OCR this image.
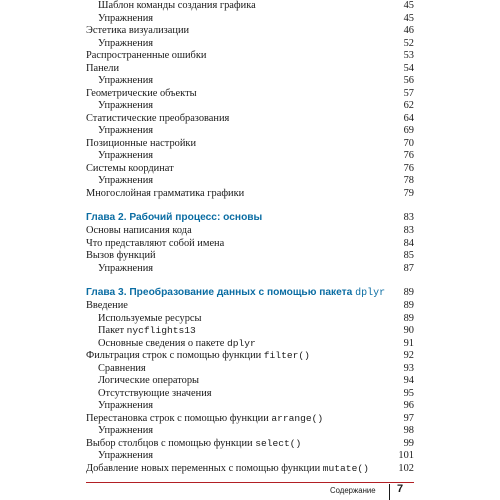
Шаблон команды создания графика	45
Упражнения	45
Эстетика визуализации	46
Упражнения	52
Распространенные ошибки	53
Панели	54
Упражнения	56
Геометрические объекты	57
Упражнения	62
Статистические преобразования	64
Упражнения	69
Позиционные настройки	70
Упражнения	76
Системы координат	76
Упражнения	78
Многослойная грамматика графики	79
Глава 2. Рабочий процесс: основы	83
Основы написания кода	83
Что представляют собой имена	84
Вызов функций	85
Упражнения	87
Глава 3. Преобразование данных с помощью пакета dplyr 89
Введение	89
Используемые ресурсы	89
Пакет nycflights13	90
Основные сведения о пакете dplyr	91
Фильтрация строк с помощью функции filter()	92
Сравнения	93
Логические операторы	94
Отсутствующие значения	95
Упражнения	96
Перестановка строк с помощью функции arrange()	97
Упражнения	98
Выбор столбцов с помощью функции select()	99
Упражнения	101
Добавление новых переменных с помощью функции mutate()	102
Содержание 7
